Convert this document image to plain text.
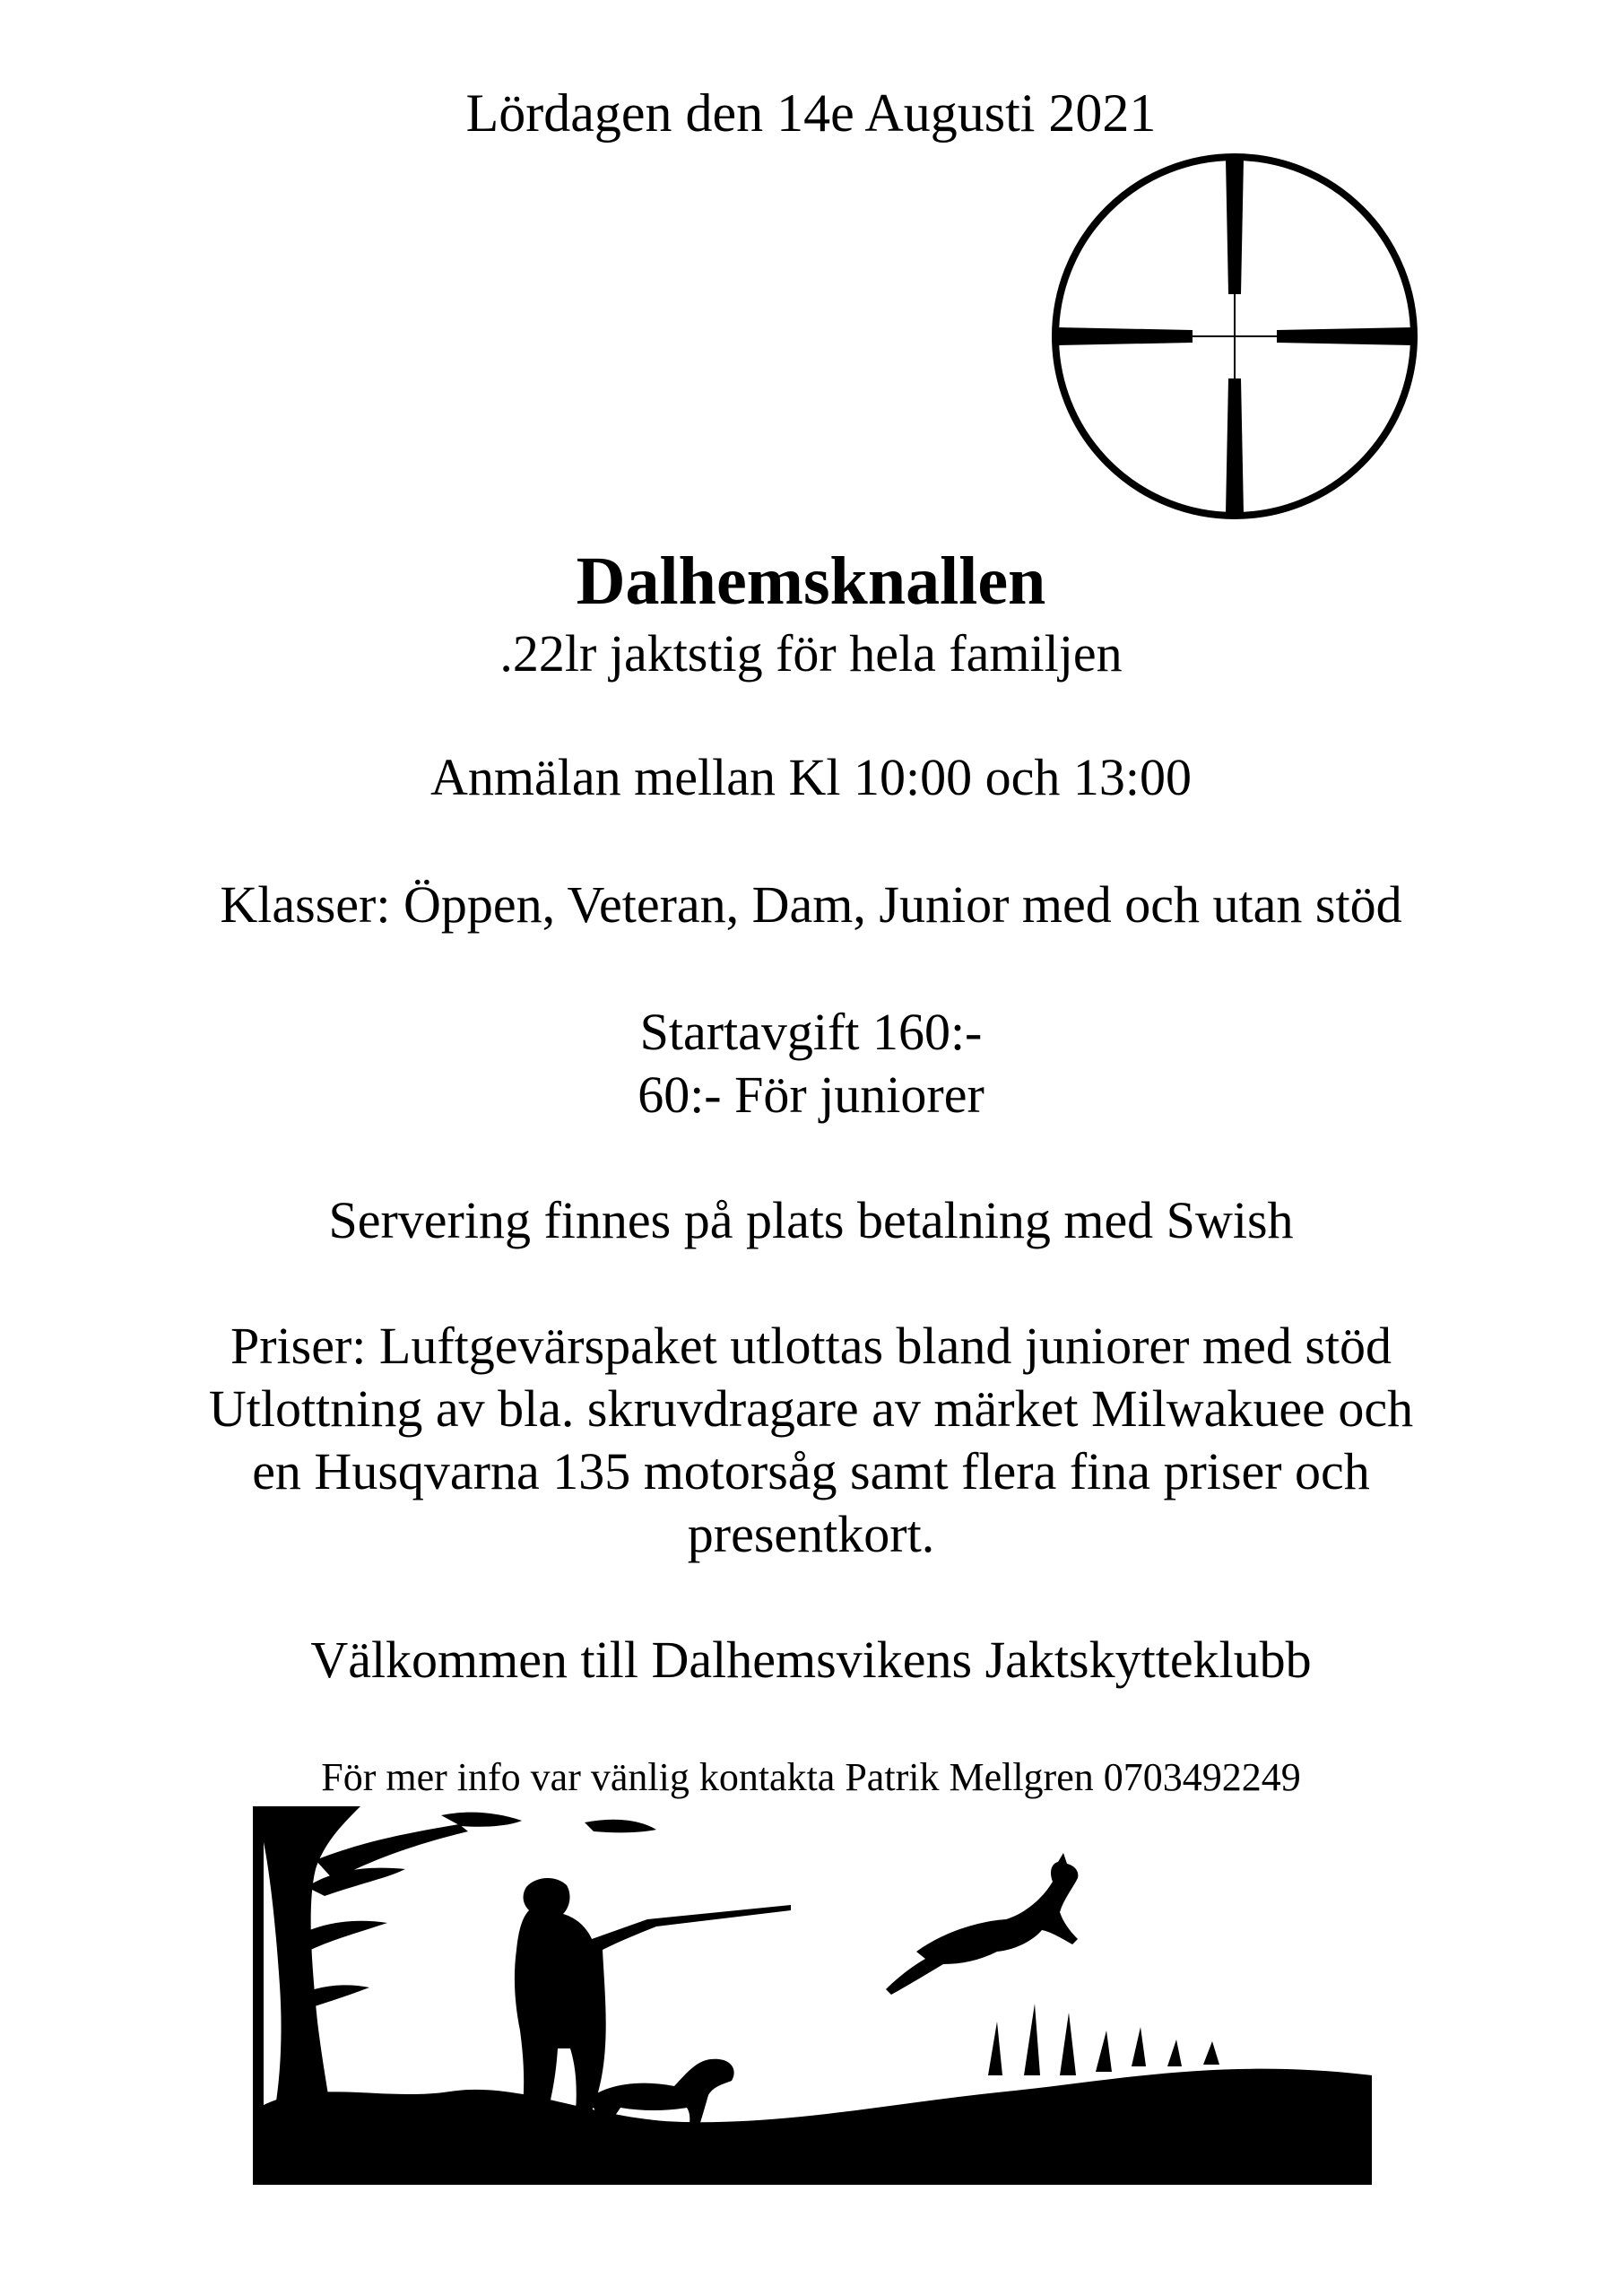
Lördagen den 14e Augusti 2021
Dalhemsknallen
.22lr jaktstig för hela familjen
Anmälan mellan Kl 10:00 och 13:00
Klasser: Öppen, Veteran, Dam, Junior med och utan stöd
Startavgift 160:-
60:- För juniorer
Servering finnes på plats betalning med Swish
Priser: Luftgevärspaket utlottas bland juniorer med stöd
Utlottning av bla. skruvdragare av märket Milwakuee och
en Husqvarna 135 motorsåg samt flera fina priser och
presentkort.
Välkommen till Dalhemsvikens Jaktskytteklubb
För mer info var vänlig kontakta Patrik Mellgren 0703492249
